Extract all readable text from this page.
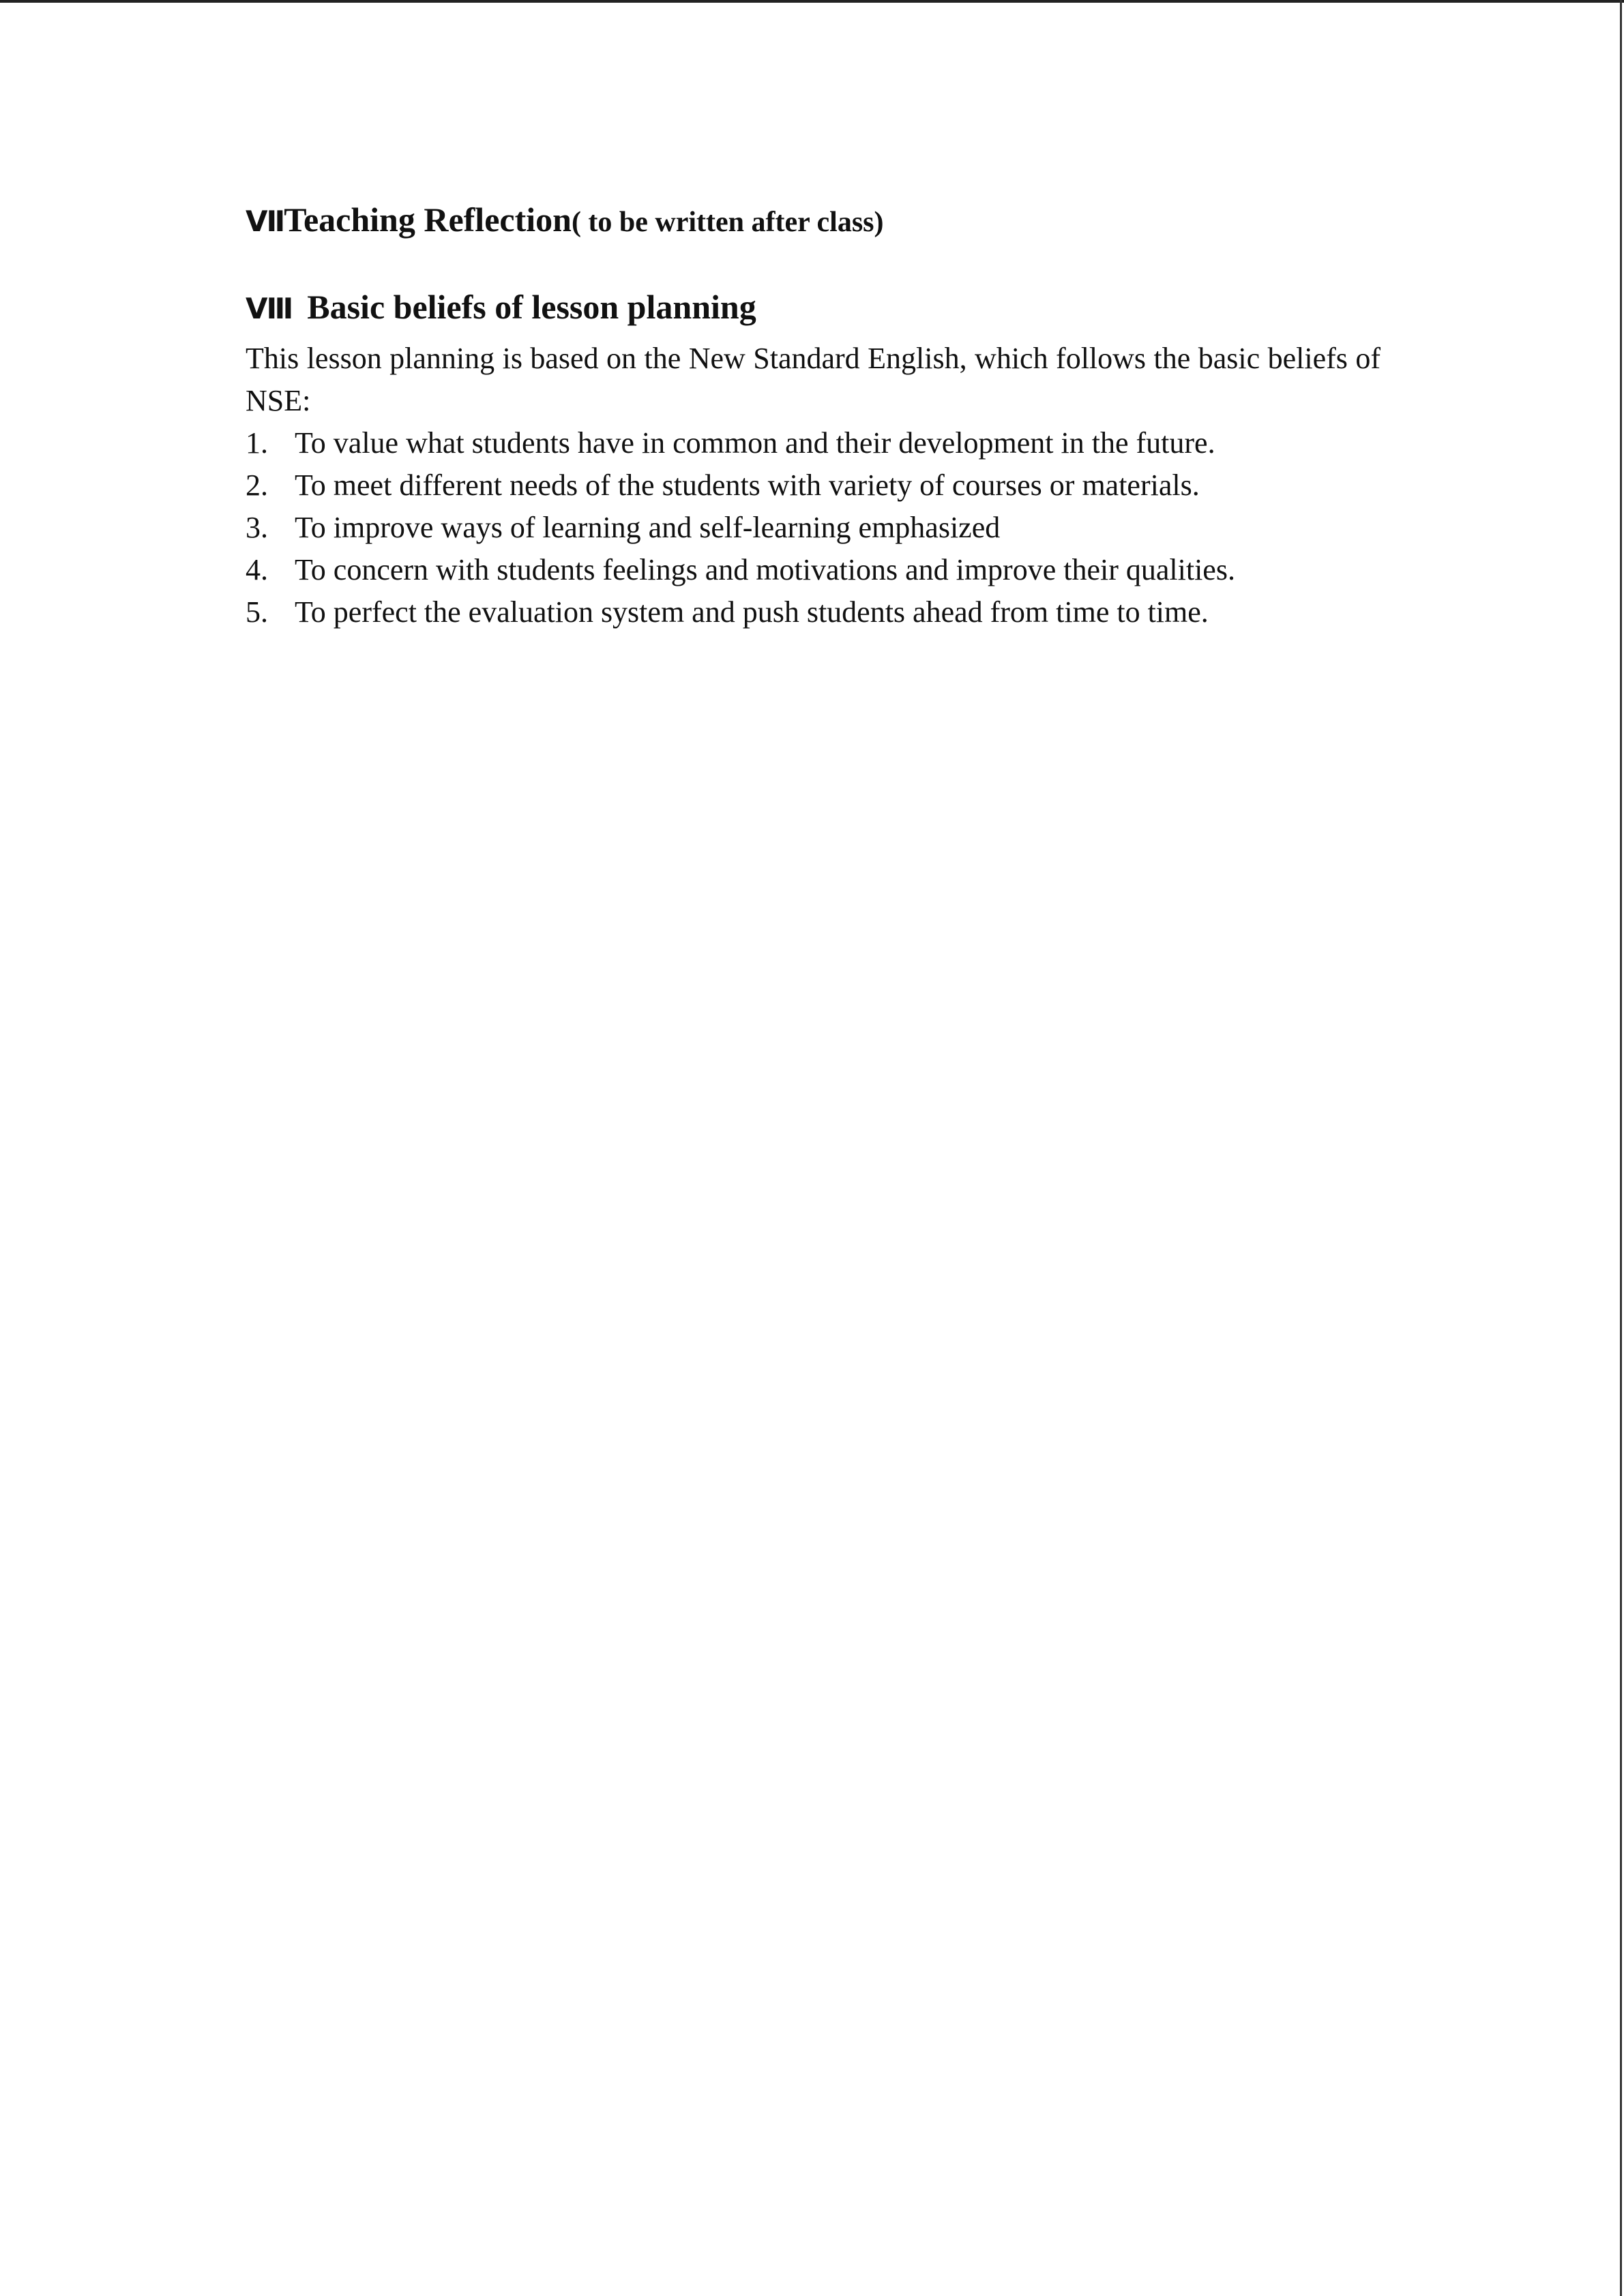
ⅦTeaching Reflection( to be written after class)
Ⅷ Basic beliefs of lesson planning

This lesson planning is based on the New Standard English, which follows the basic beliefs of NSE:

1. To value what students have in common and their development in the future.
2. To meet different needs of the students with variety of courses or materials.
3. To improve ways of learning and self-learning emphasized
4. To concern with students feelings and motivations and improve their qualities.
5. To perfect the evaluation system and push students ahead from time to time.
